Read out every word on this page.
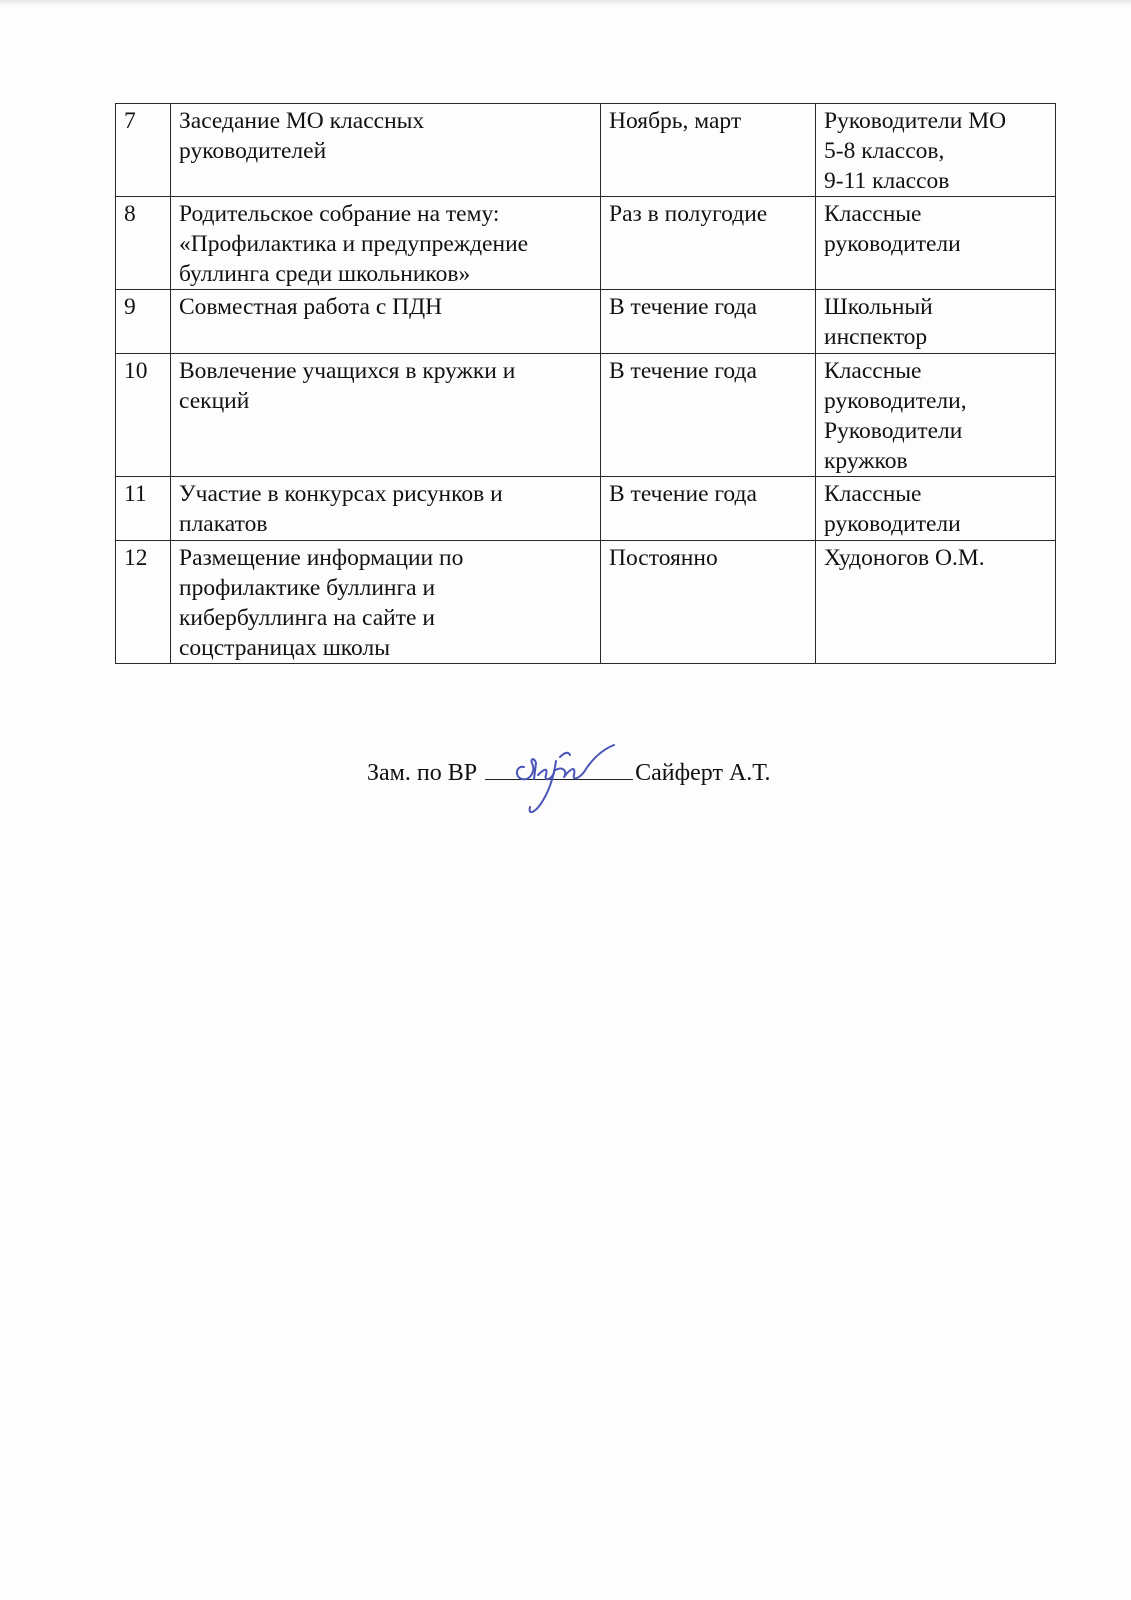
7	Заседание МО классных
руководителей	Ноябрь, март	Руководители МО
5-8 классов,
9-11 классов

8	Родительское собрание на тему:
«Профилактика и предупреждение
буллинга среди школьников»	Раз в полугодие	Классные
руководители

9	Совместная работа с ПДН	В течение года	Школьный
инспектор

10	Вовлечение учащихся в кружки и
секций	В течение года	Классные
руководители,
Руководители
кружков

11	Участие в конкурсах рисунков и
плакатов	В течение года	Классные
руководители

12	Размещение информации по
профилактике буллинга и
кибербуллинга на сайте и
соцстраницах школы	Постоянно	Худоногов О.М.
Зам. по ВР	Сайферт А.Т.
